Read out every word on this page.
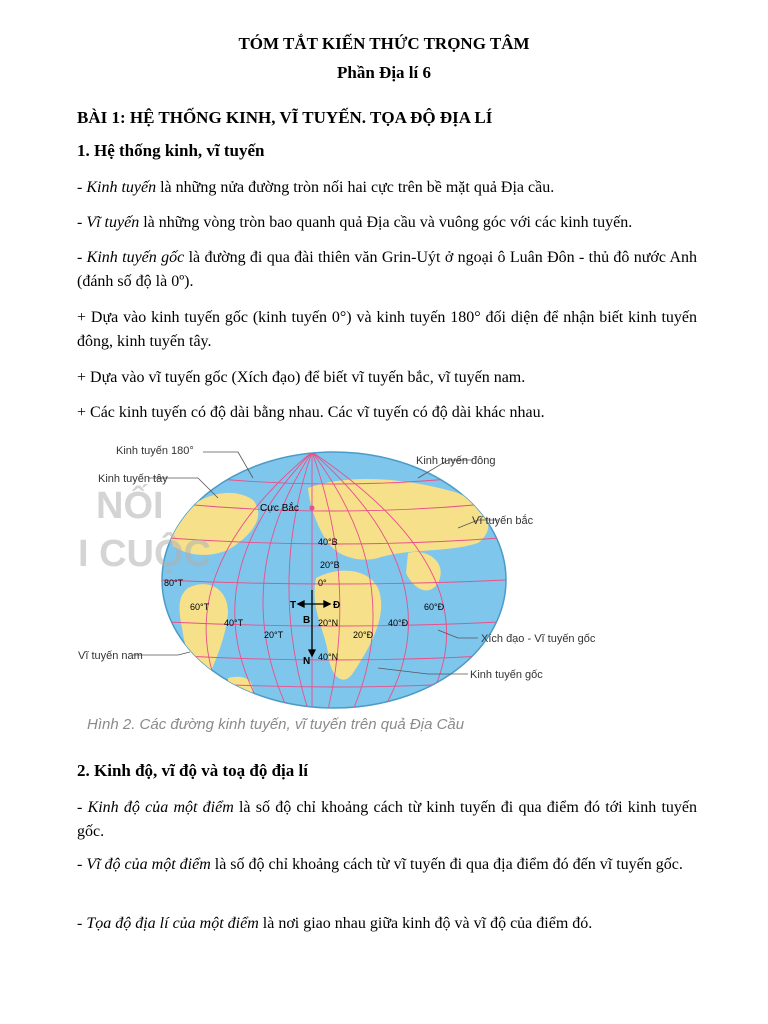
TÓM TẮT KIẾN THỨC TRỌNG TÂM
Phần Địa lí 6
BÀI 1: HỆ THỐNG KINH, VĨ TUYẾN. TỌA ĐỘ ĐỊA LÍ
1. Hệ thống kinh, vĩ tuyến
- Kinh tuyến là những nửa đường tròn nối hai cực trên bề mặt quả Địa cầu.
- Vĩ tuyến là những vòng tròn bao quanh quả Địa cầu và vuông góc với các kinh tuyến.
- Kinh tuyến gốc là đường đi qua đài thiên văn Grin-Uýt ở ngoại ô Luân Đôn - thủ đô nước Anh (đánh số độ là 0º).
+ Dựa vào kinh tuyến gốc (kinh tuyến 0°) và kinh tuyến 180° đối diện để nhận biết kinh tuyến đông, kinh tuyến tây.
+ Dựa vào vĩ tuyến gốc (Xích đạo) để biết vĩ tuyến bắc, vĩ tuyến nam.
+ Các kinh tuyến có độ dài bằng nhau. Các vĩ tuyến có độ dài khác nhau.
NỐI
I CUỘC
Cực Bắc
0°
40°B
20°B
20°N
40°N
20°T
40°T
60°T
80°T
20°Đ
40°Đ
60°Đ
T	Đ
B
N
Kinh tuyến 180°
Kinh tuyến tây
Kinh tuyến đông
Vĩ tuyến bắc
Xích đạo - Vĩ tuyến gốc
Vĩ tuyến nam
Kinh tuyến gốc
Hình 2. Các đường kinh tuyến, vĩ tuyến trên quả Địa Cầu
2. Kinh độ, vĩ độ và toạ độ địa lí
- Kinh độ của một điểm là số độ chỉ khoảng cách từ kinh tuyến đi qua điểm đó tới kinh tuyến gốc.
- Vĩ độ của một điểm là số độ chỉ khoảng cách từ vĩ tuyến đi qua địa điểm đó đến vĩ tuyến gốc.
- Tọa độ địa lí của một điểm là nơi giao nhau giữa kinh độ và vĩ độ của điểm đó.
